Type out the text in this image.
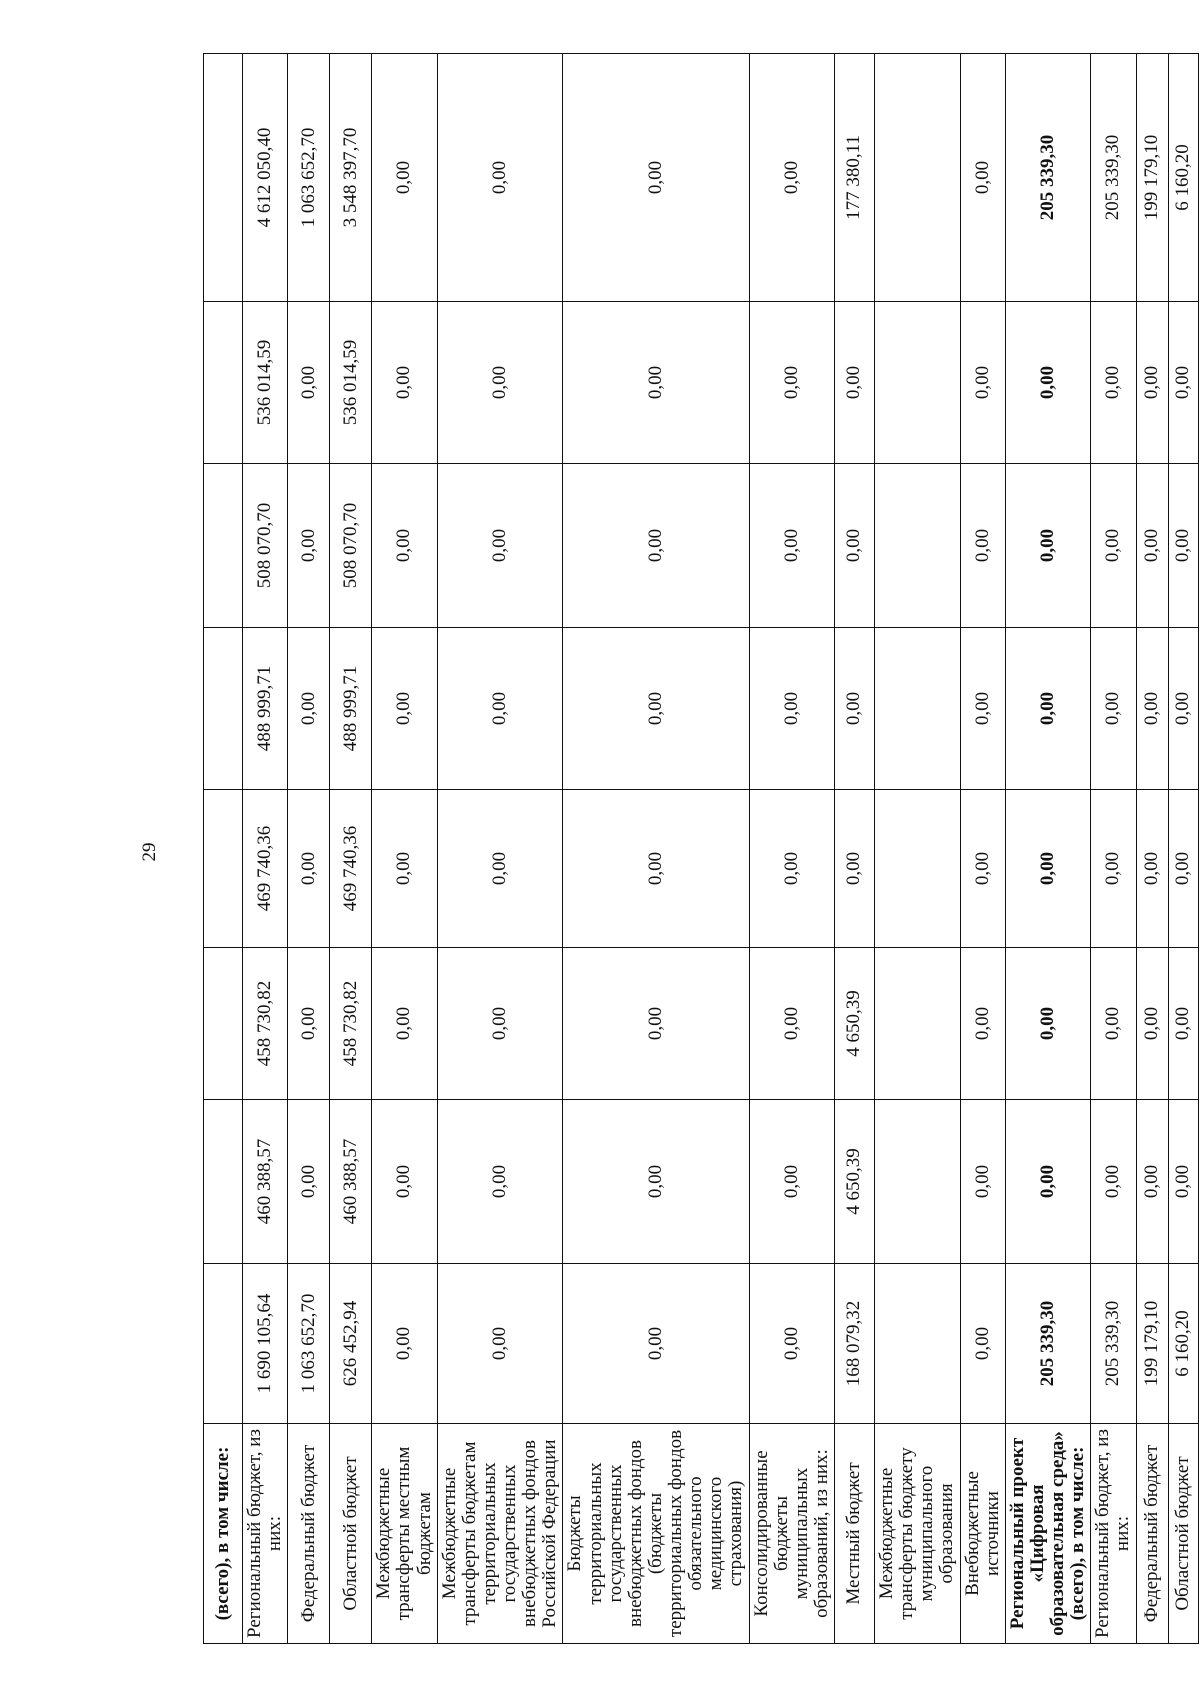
29
(всего), в том числе:								
Региональный бюджет, из них:	1 690 105,64	460 388,57	458 730,82	469 740,36	488 999,71	508 070,70	536 014,59	4 612 050,40
Федеральный бюджет	1 063 652,70	0,00	0,00	0,00	0,00	0,00	0,00	1 063 652,70
Областной бюджет	626 452,94	460 388,57	458 730,82	469 740,36	488 999,71	508 070,70	536 014,59	3 548 397,70
Межбюджетные трансферты местным бюджетам	0,00	0,00	0,00	0,00	0,00	0,00	0,00	0,00
Межбюджетные трансферты бюджетам территориальных государственных внебюджетных фондов Российской Федерации	0,00	0,00	0,00	0,00	0,00	0,00	0,00	0,00
Бюджеты территориальных государственных внебюджетных фондов (бюджеты территориальных фондов обязательного медицинского страхования)	0,00	0,00	0,00	0,00	0,00	0,00	0,00	0,00
Консолидированные бюджеты муниципальных образований, из них:	0,00	0,00	0,00	0,00	0,00	0,00	0,00	0,00
Местный бюджет	168 079,32	4 650,39	4 650,39	0,00	0,00	0,00	0,00	177 380,11
Межбюджетные трансферты бюджету муниципального образования								
Внебюджетные источники	0,00	0,00	0,00	0,00	0,00	0,00	0,00	0,00
Региональный проект «Цифровая образовательная среда» (всего), в том числе:	205 339,30	0,00	0,00	0,00	0,00	0,00	0,00	205 339,30
Региональный бюджет, из них:	205 339,30	0,00	0,00	0,00	0,00	0,00	0,00	205 339,30
Федеральный бюджет	199 179,10	0,00	0,00	0,00	0,00	0,00	0,00	199 179,10
Областной бюджет	6 160,20	0,00	0,00	0,00	0,00	0,00	0,00	6 160,20
